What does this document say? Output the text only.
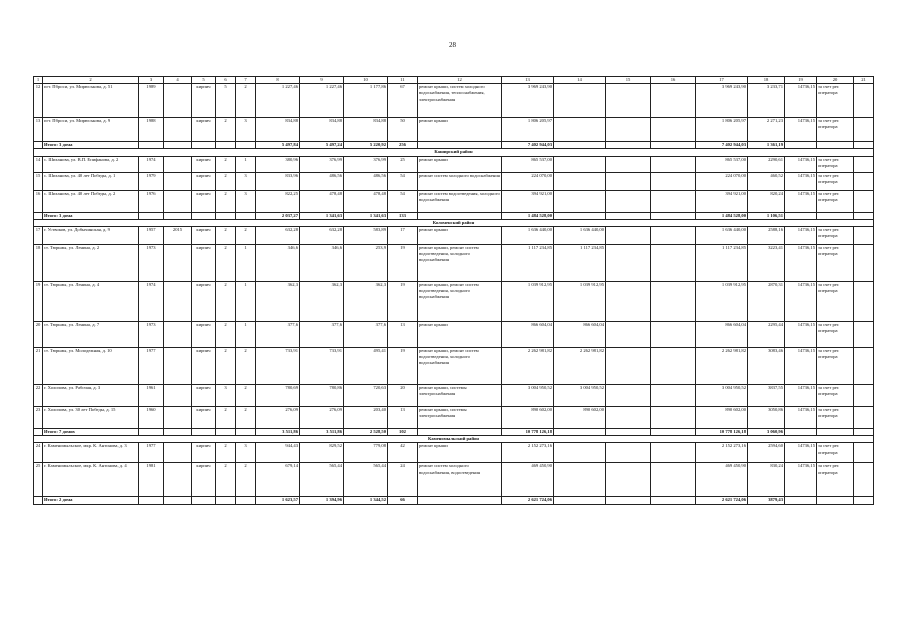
28
1	2	3	4	5	6	7	8	9	10	11	12	13	14	15	16	17	18	19	20	21
12	пгт. Пброси, ул. Мирюськова, д. 51	1989		кирпич	5	2	1 227,46	1 227,46	1 177,86	67	ремонт крыши, систем холодного водоснабжения, теплоснабжения, электроснабжения	3 969 243,90				3 969 243,90	3 233,71	14736,15	за счет рег. оператора	
13	пгт. Пброси, ул. Мирюськова, д. 9	1988		кирпич	2	3	834,88	834,88	834,88	50	ремонт крыши	1 806 205,97				1 806 205,97	2 271,23	14736,15	за счет рег. оператора	
	Итого: 3 дома						5 497,84	5 497,24	5 220,92	256		7 402 944,03				7 402 944,03	1 361,19			
Каширский район																				
14	с. Шиханова, ул. В.П. Епифанова, д. 2	1974		кирпич	2	1	380,96	376,99	376,99	25	ремонт крыши	865 537,00				865 537,00	2290,61	14736,15	за счет рег. оператора	
15	с. Шиханова, ул. 40 лет Победы, д. 1	1979		кирпич	2	3	833,96	486,56	486,56	54	ремонт систем холодного водоснабжения	224 070,00				224 070,00	460,52	14736,15	за счет рег. оператора	
16	с. Шиханова, ул. 40 лет Победы, д. 2	1976		кирпич	2	3	822,25	478,48	478,48	54	ремонт систем водоотведения, холодного водоснабжения	394 921,00				394 921,00	820,24	14736,15	за счет рег. оператора	
	Итого: 3 дома						2 037,27	1 341,63	1 341,63	133		1 484 528,00				1 484 528,00	1 106,51			
Коломенский район																				
17	г. Уствоков, ул. Добычинская, д. 9	1957	2015	кирпич	2	2	632,28	632,28	583,89	17	ремонт крыши	1 636 440,00	1 636 440,00			1 636 440,00	2588,16	14736,15	за счет рег. оператора	
18	ст. Тюрьмы, ул. Ленина, д. 2	1973		кирпич	2	1	346,6	346,6	253,9	19	ремонт крыши, ремонт систем водоотведения, холодного водоснабжения	1 117 234,85	1 117 234,85			1 117 234,85	3223,41	14736,15	за счет рег. оператора	
19	ст. Тюрьмы, ул. Ленина, д. 4	1974		кирпич	2	1	362,3	362,3	362,3	19	ремонт крыши, ремонт систем водоотведения, холодного водоснабжения	1 039 912,95	1 039 912,95			1 039 912,95	2870,31	14736,15	за счет рег. оператора	
20	ст. Тюрьмы, ул. Ленина, д. 7	1973		кирпич	2	1	377,6	377,6	377,6	13	ремонт крыши	866 604,04	866 604,04			866 604,04	2295,44	14736,15	за счет рег. оператора	
21	ст. Тюрьмы, ул. Молодежная, д. 10	1977		кирпич	2	2	733,91	733,91	495,41	19	ремонт крыши, ремонт систем водоотведения, холодного водоснабжения	2 262 981,82	2 262 981,82			2 262 981,82	3083,46	14736,15	за счет рег. оператора	
22	г. Холопова, ул. Рабочая, д. 3	1961		кирпич	3	2	780,69	780,86	720,63	20	ремонт крыши, системы электроснабжения	3 004 950,52	3 004 950,52			3 004 950,52	3837,55	14736,15	за счет рег. оператора	
23	г. Холопова, ул. 30 лет Победы, д. 15	1960		кирпич	2	2	276,09	276,09	203,40	13	ремонт крыши, системы электроснабжения	890 602,00	890 602,00			890 602,00	3050,86	14736,15	за счет рег. оператора	
	Итого: 7 домов						3 511,86	3 511,86	2 528,50	102		10 778 126,18				10 778 126,18	3 060,96			
Каменомыльский район																				
24	г. Каменомыльское, мкр. К. Антонова, д. 3	1977		кирпич	2	3	944,43	829,52	779,08	42	ремонт крыши	2 152 273,16				2 152 273,16	2594,60	14736,15	за счет рег. оператора	
25	г. Каменомыльское, мкр. К. Антонова, д. 4	1981		кирпич	2	2	679,14	565,44	565,44	24	ремонт систем холодного водоснабжения, водоотведения	469 450,90				469 450,90	830,24	14736,15	за счет рег. оператора	
	Итого: 2 дома						1 623,57	1 394,96	1 344,52	66		2 621 724,06				2 621 724,06	3879,43			
